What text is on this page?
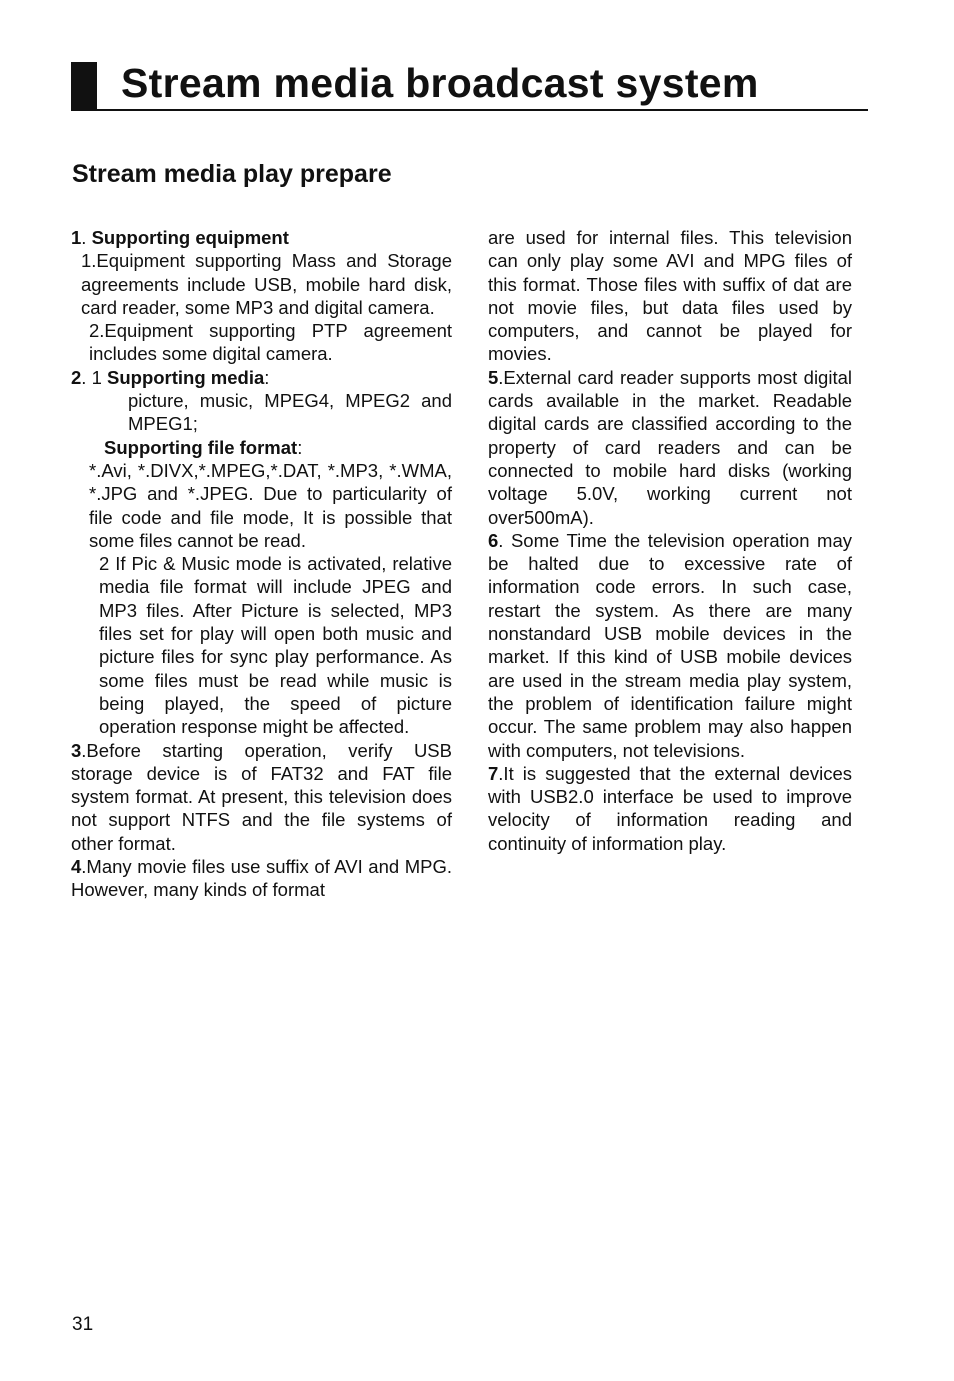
Stream media broadcast system
Stream media play prepare

1. Supporting equipment

1.Equipment supporting Mass and Storage agreements include USB, mobile hard disk, card reader, some MP3 and digital camera.

2.Equipment supporting PTP agreement includes some digital camera.

2. 1 Supporting media:

picture, music, MPEG4, MPEG2 and MPEG1;

Supporting file format:

*.Avi, *.DIVX,*.MPEG,*.DAT, *.MP3, *.WMA, *.JPG and *.JPEG. Due to particularity of file code and file mode, It is possible that some files cannot be read.

2 If Pic & Music mode is activated, relative media file format will include JPEG and MP3 files. After Picture is selected, MP3 files set for play will open both music and picture files for sync play performance. As some files must be read while music is being played, the speed of picture operation response might be affected.

3.Before starting operation, verify USB storage device is of FAT32 and FAT file system format. At present, this television does not support NTFS and the file systems of other format.

4.Many movie files use suffix of AVI and MPG. However, many kinds of format

are used for internal files. This television can only play some AVI and MPG files of this format. Those files with suffix of dat are not movie files, but data files used by computers, and cannot be played for movies.

5.External card reader supports most digital cards available in the market. Readable digital cards are classified according to the property of card readers and can be connected to mobile hard disks (working voltage 5.0V, working current not over500mA).

6. Some Time the television operation may be halted due to excessive rate of information code errors. In such case, restart the system. As there are many nonstandard USB mobile devices in the market. If this kind of USB mobile devices are used in the stream media play system, the problem of identification failure might occur. The same problem may also happen with computers, not televisions.

7.It is suggested that the external devices with USB2.0 interface be used to improve velocity of information reading and continuity of information play.

31
